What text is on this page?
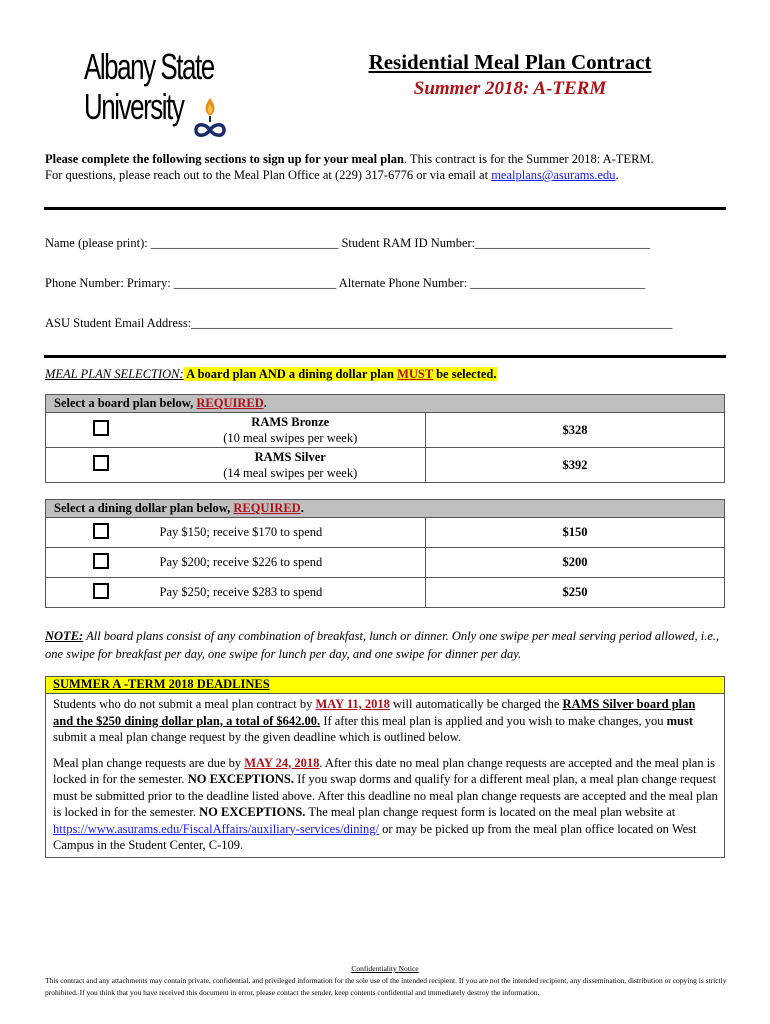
Albany State
University
Residential Meal Plan Contract
Summer 2018: A-TERM
Please complete the following sections to sign up for your meal plan. This contract is for the Summer 2018: A-TERM.
For questions, please reach out to the Meal Plan Office at (229) 317-6776 or via email at mealplans@asurams.edu.
Name (please print): ______________________________ Student RAM ID Number:____________________________
Phone Number: Primary: __________________________ Alternate Phone Number: ____________________________
ASU Student Email Address:_____________________________________________________________________________
MEAL PLAN SELECTION: A board plan AND a dining dollar plan MUST be selected.
Select a board plan below, REQUIRED.		
	RAMS Bronze
(10 meal swipes per week)	$328
	RAMS Silver
(14 meal swipes per week)	$392
Select a dining dollar plan below, REQUIRED.		
	Pay $150; receive $170 to spend	$150
	Pay $200; receive $226 to spend	$200
	Pay $250; receive $283 to spend	$250
NOTE: All board plans consist of any combination of breakfast, lunch or dinner. Only one swipe per meal serving period allowed, i.e., one swipe for breakfast per day, one swipe for lunch per day, and one swipe for dinner per day.
SUMMER A -TERM 2018 DEADLINES

Students who do not submit a meal plan contract by MAY 11, 2018 will automatically be charged the RAMS Silver board plan and the $250 dining dollar plan, a total of $642.00. If after this meal plan is applied and you wish to make changes, you must submit a meal plan change request by the given deadline which is outlined below.

Meal plan change requests are due by MAY 24, 2018. After this date no meal plan change requests are accepted and the meal plan is locked in for the semester. NO EXCEPTIONS. If you swap dorms and qualify for a different meal plan, a meal plan change request must be submitted prior to the deadline listed above. After this deadline no meal plan change requests are accepted and the meal plan is locked in for the semester. NO EXCEPTIONS. The meal plan change request form is located on the meal plan website at https://www.asurams.edu/FiscalAffairs/auxiliary-services/dining/ or may be picked up from the meal plan office located on West Campus in the Student Center, C-109.

Confidentiality Notice
This contract and any attachments may contain private, confidential, and privileged information for the sole use of the intended recipient. If you are not the intended recipient, any dissemination, distribution or copying is strictly prohibited. If you think that you have received this document in error, please contact the sender, keep contents confidential and immediately destroy the information.
